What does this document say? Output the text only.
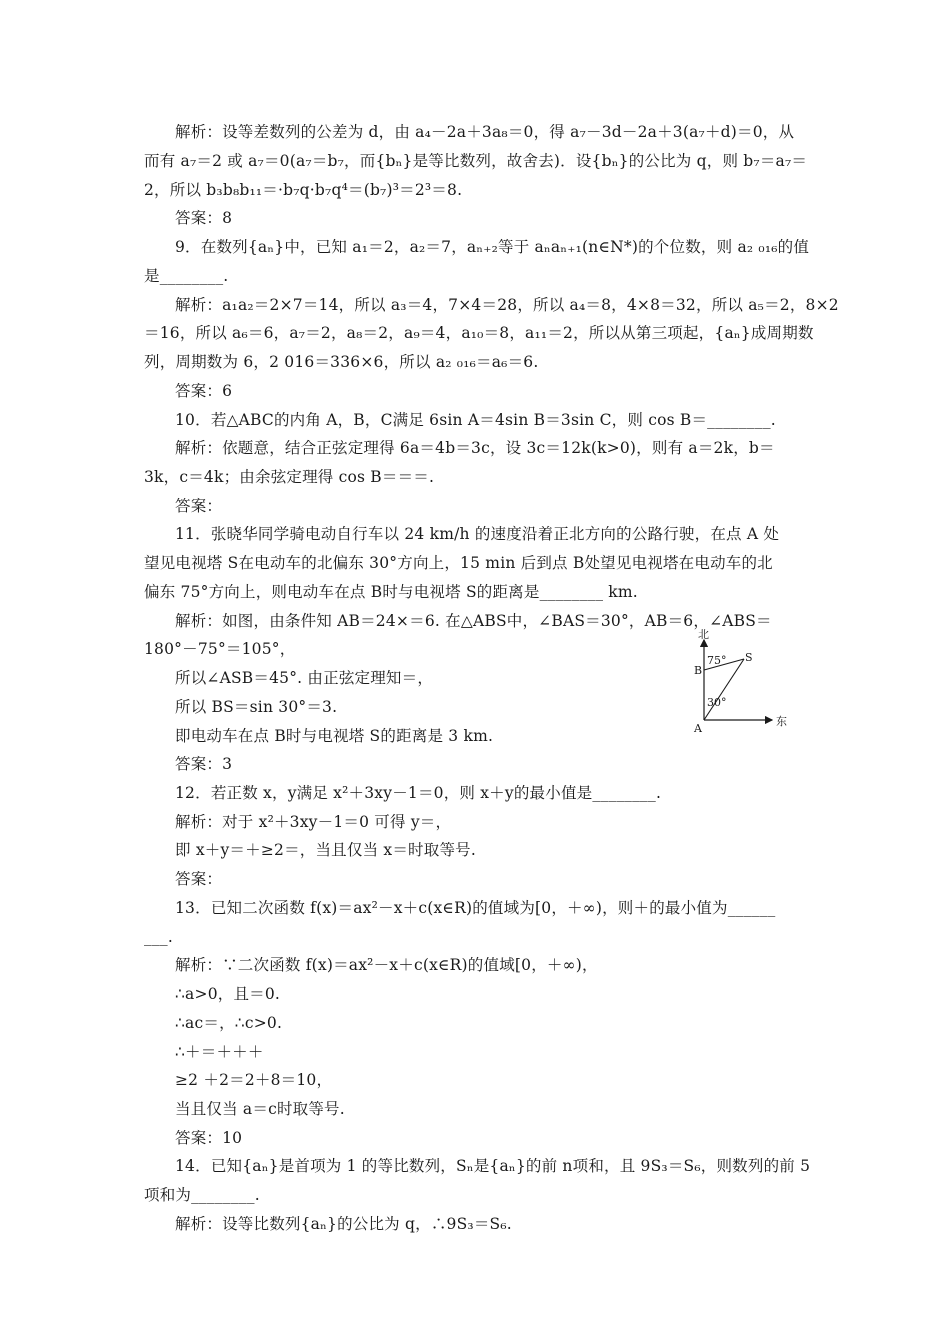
解析：设等差数列的公差为 d，由 a₄－2a＋3a₈＝0，得 a₇－3d－2a＋3(a₇＋d)＝0，从
而有 a₇＝2 或 a₇＝0(a₇＝b₇，而{bₙ}是等比数列，故舍去)．设{bₙ}的公比为 q，则 b₇＝a₇＝
2，所以 b₃b₈b₁₁＝·b₇q·b₇q⁴＝(b₇)³＝2³＝8.
答案：8
9．在数列{aₙ}中，已知 a₁＝2，a₂＝7，aₙ₊₂等于 aₙaₙ₊₁(n∈N*)的个位数，则 a₂ ₀₁₆的值
是________.
解析：a₁a₂＝2×7＝14，所以 a₃＝4，7×4＝28，所以 a₄＝8，4×8＝32，所以 a₅＝2，8×2
＝16，所以 a₆＝6，a₇＝2，a₈＝2，a₉＝4，a₁₀＝8，a₁₁＝2，所以从第三项起，{aₙ}成周期数
列，周期数为 6，2 016＝336×6，所以 a₂ ₀₁₆＝a₆＝6.
答案：6
10．若△ABC的内角 A，B，C满足 6sin A＝4sin B＝3sin C，则 cos B＝________.
解析：依题意，结合正弦定理得 6a＝4b＝3c，设 3c＝12k(k>0)，则有 a＝2k，b＝
3k，c＝4k；由余弦定理得 cos B＝＝＝.
答案：
11．张晓华同学骑电动自行车以 24 km/h 的速度沿着正北方向的公路行驶，在点 A 处
望见电视塔 S在电动车的北偏东 30°方向上，15 min 后到点 B处望见电视塔在电动车的北
偏东 75°方向上，则电动车在点 B时与电视塔 S的距离是________ km.
解析：如图，由条件知 AB＝24×＝6. 在△ABS中，∠BAS＝30°，AB＝6，∠ABS＝
180°－75°＝105°，
所以∠ASB＝45°. 由正弦定理知＝，
所以 BS＝sin 30°＝3.
即电动车在点 B时与电视塔 S的距离是 3 km.
答案：3
12．若正数 x，y满足 x²＋3xy－1＝0，则 x＋y的最小值是________.
解析：对于 x²＋3xy－1＝0 可得 y＝，
即 x＋y＝＋≥2＝，当且仅当 x＝时取等号.
答案：
13．已知二次函数 f(x)＝ax²－x＋c(x∈R)的值域为[0，＋∞)，则＋的最小值为______
___.
解析：∵二次函数 f(x)＝ax²－x＋c(x∈R)的值域[0，＋∞)，
∴a>0，且＝0.
∴ac＝，∴c>0.
∴＋＝＋＋＋
≥2 ＋2＝2＋8＝10，
当且仅当 a＝c时取等号.
答案：10
14．已知{aₙ}是首项为 1 的等比数列，Sₙ是{aₙ}的前 n项和，且 9S₃＝S₆，则数列的前 5
项和为________.
解析：设等比数列{aₙ}的公比为 q，∴9S₃＝S₆.
北
东
A
B
S
75°
30°
